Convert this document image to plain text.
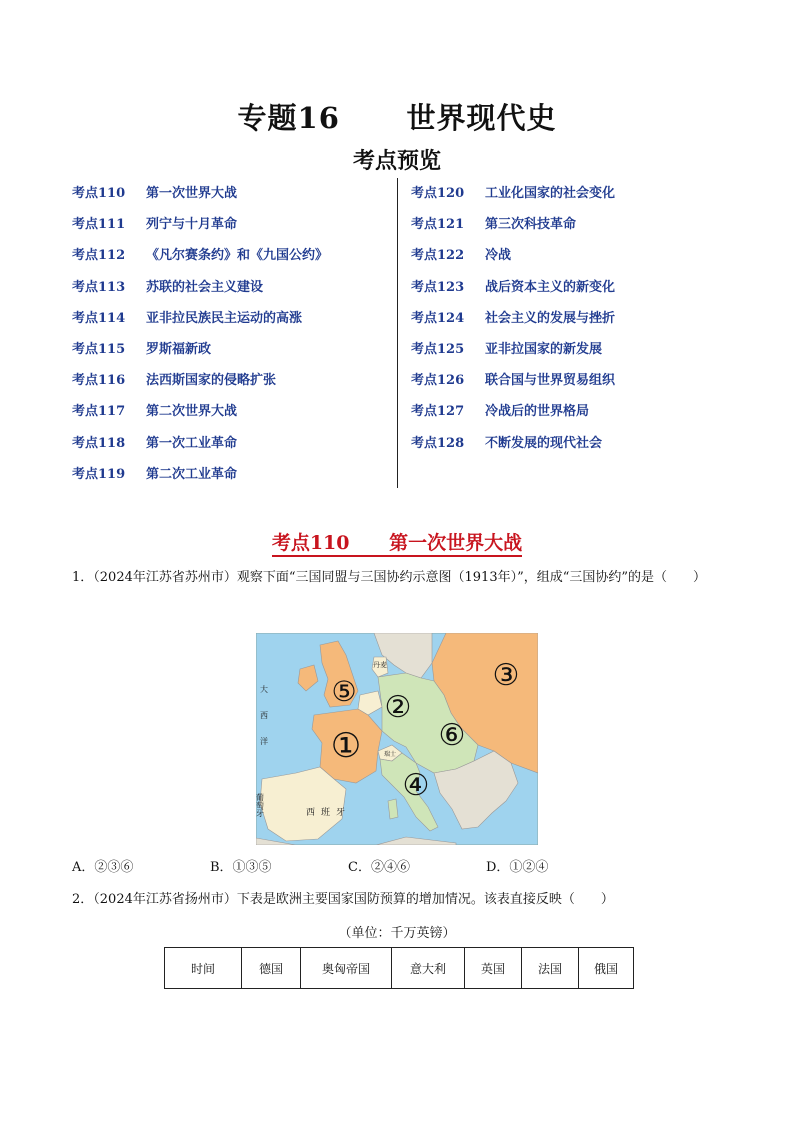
专题16      世界现代史
考点预览
考点110 第一次世界大战
考点111 列宁与十月革命
考点112 《凡尔赛条约》和《九国公约》
考点113 苏联的社会主义建设
考点114 亚非拉民族民主运动的高涨
考点115 罗斯福新政
考点116 法西斯国家的侵略扩张
考点117 第二次世界大战
考点118 第一次工业革命
考点119 第二次工业革命
考点120 工业化国家的社会变化
考点121 第三次科技革命
考点122 冷战
考点123 战后资本主义的新变化
考点124 社会主义的发展与挫折
考点125 亚非拉国家的新发展
考点126 联合国与世界贸易组织
考点127 冷战后的世界格局
考点128 不断发展的现代社会
考点110      第一次世界大战
1．（2024年江苏省苏州市）观察下面“三国同盟与三国协约示意图（1913年）”，组成“三国协约”的是（　　）
丹麦
瑞士
西班牙
葡萄牙
大西洋 ①
②
③
④
⑤
⑥
A．②③⑥	B．①③⑤	C．②④⑥	D．①②④
2．（2024年江苏省扬州市）下表是欧洲主要国家国防预算的增加情况。该表直接反映（　　）
（单位：千万英镑）
时间	德国	奥匈帝国	意大利	英国	法国	俄国
